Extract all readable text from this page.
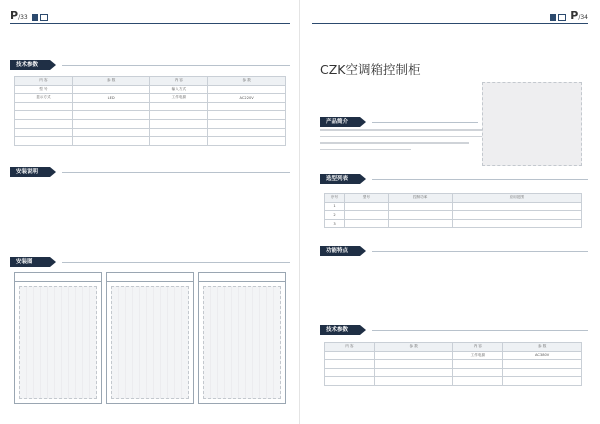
P/33
技术参数
内 容	参 数	内 容	参 数
型 号		输入方式	
显示方式	LED	工作电源	AC220V

安装说明
安装图
P/34
CZK空调箱控制柜
产品简介
选型列表
序号	型号	控制功率	应用范围
1			
2			
3			
功能特点
技术参数
内 容	参 数	内 容	参 数
		工作电源	AC380V
